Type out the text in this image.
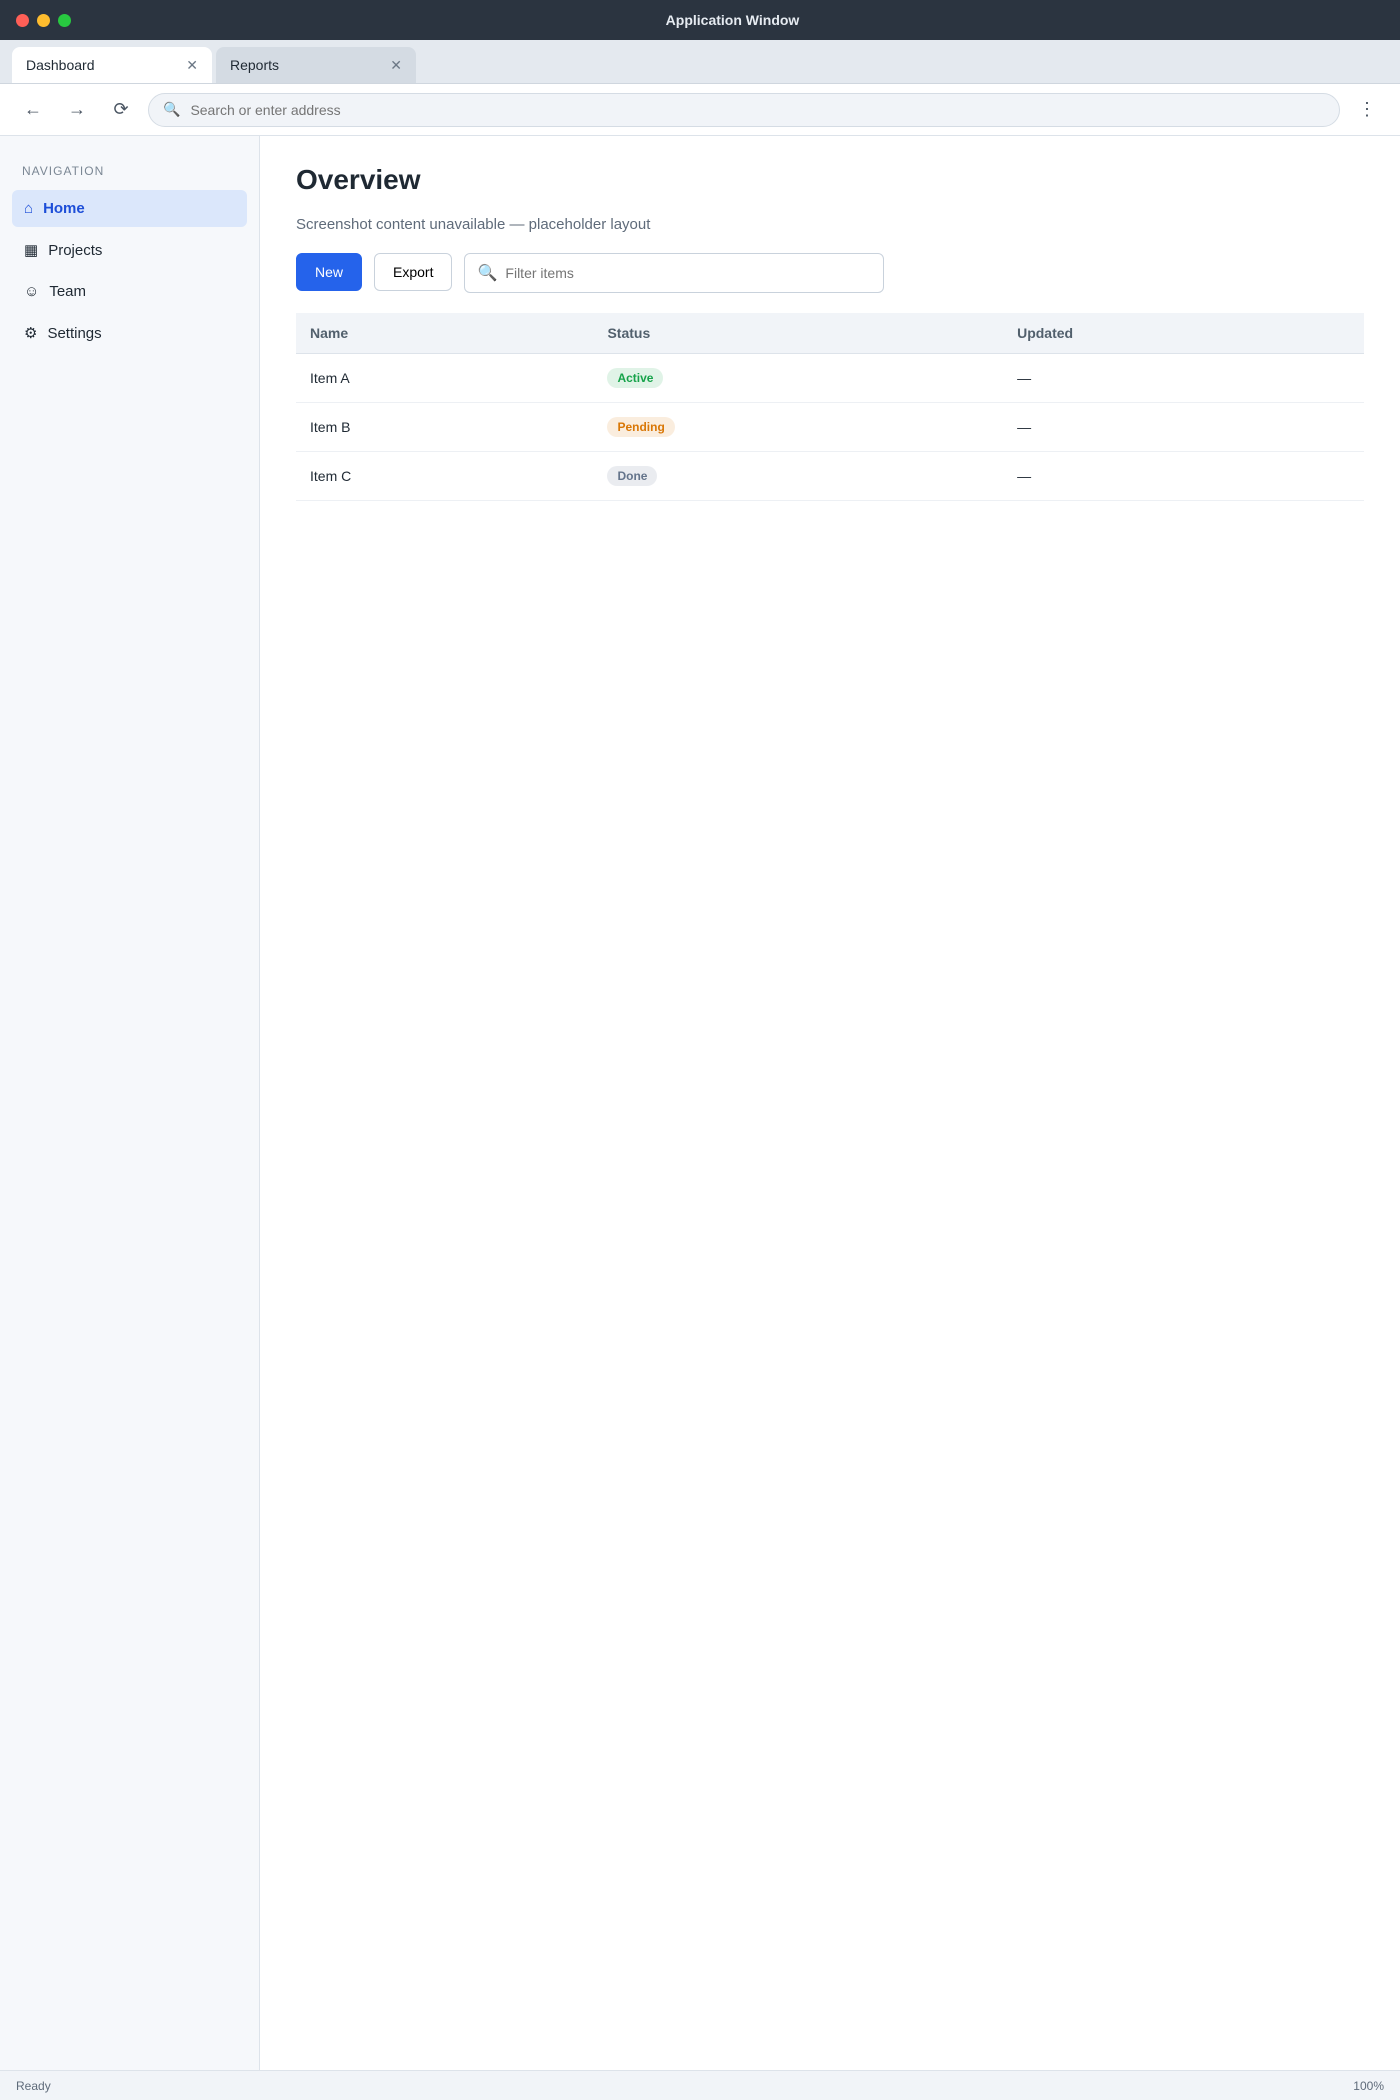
Application Window
Dashboard	✕ Reports	✕
←	→	⟳	🔍
Search or enter address	⋮
NAVIGATION
⌂ Home
▦ Projects
☺ Team
⚙ Settings
Overview

Screenshot content unavailable — placeholder layout

New	Export	🔍
Filter items
Name	Status	Updated
Item A	Active	—
Item B	Pending	—
Item C	Done	—
Ready	100%
